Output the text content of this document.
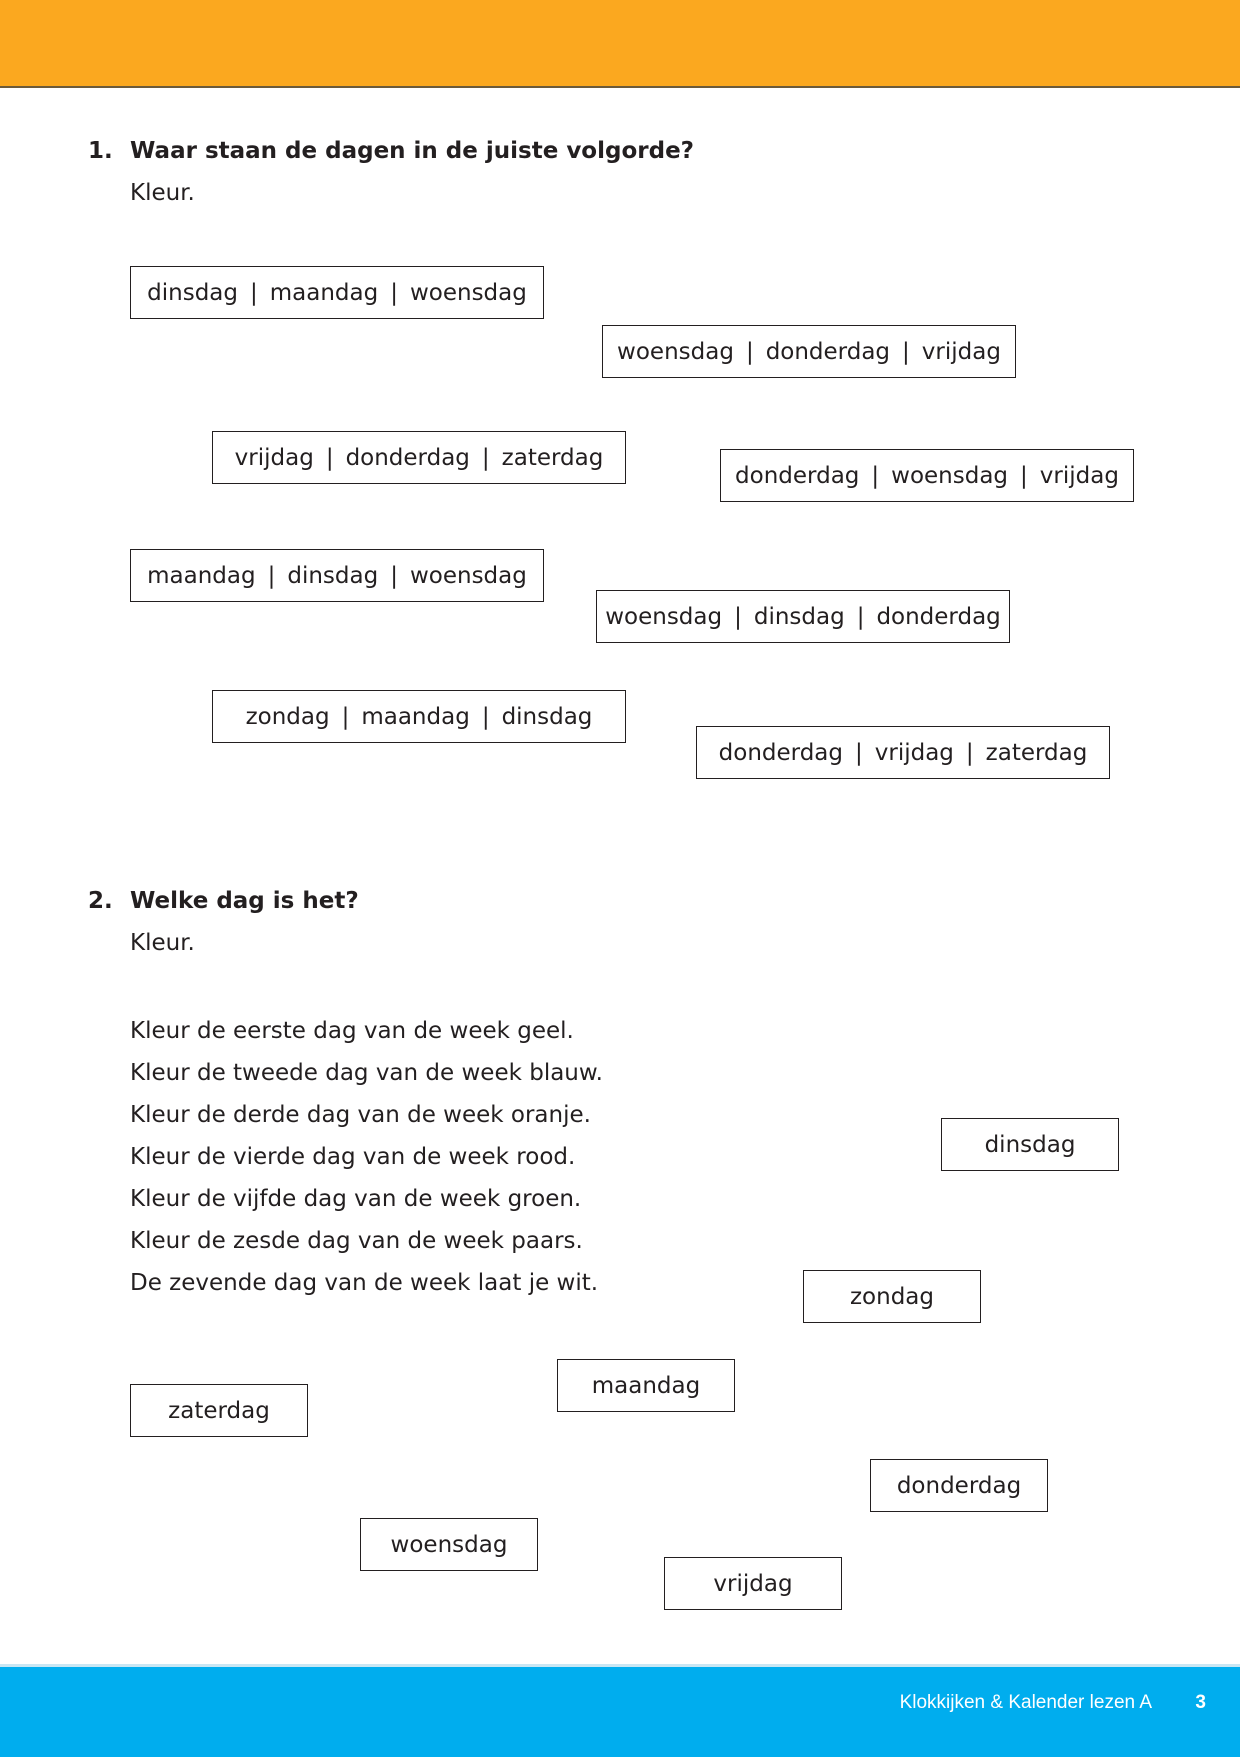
1. Waar staan de dagen in de juiste volgorde?
Kleur.
dinsdag | maandag | woensdag
woensdag | donderdag | vrijdag
vrijdag | donderdag | zaterdag
donderdag | woensdag | vrijdag
maandag | dinsdag | woensdag
woensdag | dinsdag | donderdag
zondag | maandag | dinsdag
donderdag | vrijdag | zaterdag
2. Welke dag is het?
Kleur.
Kleur de eerste dag van de week geel.
Kleur de tweede dag van de week blauw.
Kleur de derde dag van de week oranje.
Kleur de vierde dag van de week rood.
Kleur de vijfde dag van de week groen.
Kleur de zesde dag van de week paars.
De zevende dag van de week laat je wit.
dinsdag
zondag
maandag
zaterdag
donderdag
woensdag
vrijdag
Klokkijken & Kalender lezen A 3
